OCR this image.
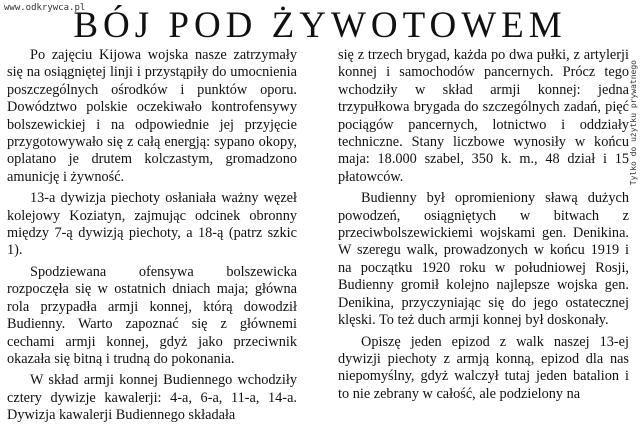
www.odkrywca.pl
Tylko do użytku prywatnego
BÓJ POD ŻYWOTOWEM

Po zajęciu Kijowa wojska nasze zatrzymały się na osiągniętej linji i przystąpiły do umocnienia poszczególnych ośrodków i punktów oporu. Dowództwo polskie oczekiwało kontrofensywy bolszewickiej i na odpowiednie jej przyjęcie przygotowywało się z całą energją: sypano okopy, oplatano je drutem kolczastym, gromadzono amunicję i żywność.

13-a dywizja piechoty osłaniała ważny węzeł kolejowy Koziatyn, zajmując odcinek obronny między 7-ą dywizją piechoty, a 18-ą (patrz szkic 1).

Spodziewana ofensywa bolszewicka rozpoczęła się w ostatnich dniach maja; główna rola przypadła armji konnej, którą dowodził Budienny. Warto zapoznać się z głównemi cechami armji konnej, gdyż jako przeciwnik okazała się bitną i trudną do pokonania.

W skład armji konnej Budiennego wchodziły cztery dywizje kawalerji: 4-a, 6-a, 11-a, 14-a. Dywizja kawalerji Budiennego składała

się z trzech brygad, każda po dwa pułki, z artylerji konnej i samochodów pancernych. Prócz tego wchodziły w skład armji konnej: jedna trzypułkowa brygada do szczególnych zadań, pięć pociągów pancernych, lotnictwo i oddziały techniczne. Stany liczbowe wynosiły w końcu maja: 18.000 szabel, 350 k. m., 48 dział i 15 płatowców.

Budienny był opromieniony sławą dużych powodzeń, osiągniętych w bitwach z przeciwbolszewickiemi wojskami gen. Denikina. W szeregu walk, prowadzonych w końcu 1919 i na początku 1920 roku w południowej Rosji, Budienny gromił kolejno najlepsze wojska gen. Denikina, przyczyniając się do jego ostatecznej klęski. To też duch armji konnej był doskonały.

Opiszę jeden epizod z walk naszej 13-ej dywizji piechoty z armją konną, epizod dla nas niepomyślny, gdyż walczył tutaj jeden batalion i to nie zebrany w całość, ale podzielony na
